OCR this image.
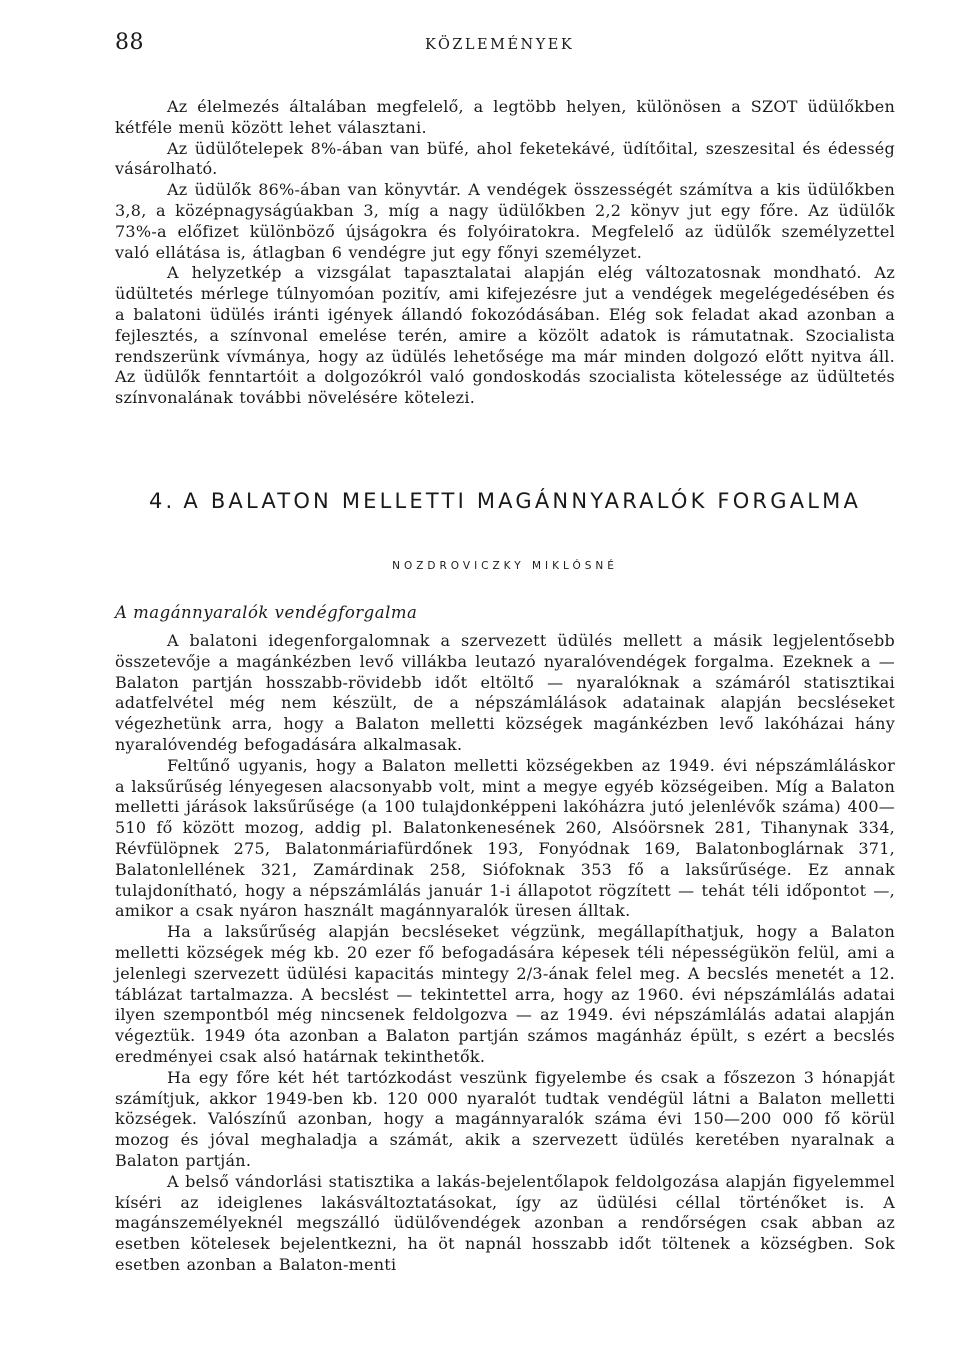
88	KÖZLEMÉNYEK

Az élelmezés általában megfelelő, a legtöbb helyen, különösen a SZOT üdülőkben kétféle menü között lehet választani.

Az üdülőtelepek 8%-ában van büfé, ahol feketekávé, üdítőital, szeszesital és édesség vásárolható.

Az üdülők 86%-ában van könyvtár. A vendégek összességét számítva a kis üdülőkben 3,8, a középnagyságúakban 3, míg a nagy üdülőkben 2,2 könyv jut egy főre. Az üdülők 73%-a előfizet különböző újságokra és folyóiratokra. Megfelelő az üdülők személyzettel való ellátása is, átlagban 6 vendégre jut egy főnyi személyzet.

A helyzetkép a vizsgálat tapasztalatai alapján elég változatosnak mondható. Az üdültetés mérlege túlnyomóan pozitív, ami kifejezésre jut a vendégek megelégedésében és a balatoni üdülés iránti igények állandó fokozódásában. Elég sok feladat akad azonban a fejlesztés, a színvonal emelése terén, amire a közölt adatok is rámutatnak. Szocialista rendszerünk vívmánya, hogy az üdülés lehetősége ma már minden dolgozó előtt nyitva áll. Az üdülők fenntartóit a dolgozókról való gondoskodás szocialista kötelessége az üdültetés színvonalának további növelésére kötelezi.

4. A BALATON MELLETTI MAGÁNNYARALÓK FORGALMA
NOZDROVICZKY MIKLÓSNÉ
A magánnyaralók vendégforgalma

A balatoni idegenforgalomnak a szervezett üdülés mellett a másik legjelentősebb összetevője a magánkézben levő villákba leutazó nyaralóvendégek forgalma. Ezeknek a — Balaton partján hosszabb-rövidebb időt eltöltő — nyaralóknak a számáról statisztikai adatfelvétel még nem készült, de a népszámlálások adatainak alapján becsléseket végezhetünk arra, hogy a Balaton melletti községek magánkézben levő lakóházai hány nyaralóvendég befogadására alkalmasak.

Feltűnő ugyanis, hogy a Balaton melletti községekben az 1949. évi népszámláláskor a laksűrűség lényegesen alacsonyabb volt, mint a megye egyéb községeiben. Míg a Balaton melletti járások laksűrűsége (a 100 tulajdonképpeni lakóházra jutó jelenlévők száma) 400—510 fő között mozog, addig pl. Balatonkenesének 260, Alsóörsnek 281, Tihanynak 334, Révfülöpnek 275, Balatonmáriafürdőnek 193, Fonyódnak 169, Balatonboglárnak 371, Balatonlellének 321, Zamárdinak 258, Siófoknak 353 fő a laksűrűsége. Ez annak tulajdonítható, hogy a népszámlálás január 1-i állapotot rögzített — tehát téli időpontot —, amikor a csak nyáron használt magánnyaralók üresen álltak.

Ha a laksűrűség alapján becsléseket végzünk, megállapíthatjuk, hogy a Balaton melletti községek még kb. 20 ezer fő befogadására képesek téli népességükön felül, ami a jelenlegi szervezett üdülési kapacitás mintegy 2/3-ának felel meg. A becslés menetét a 12. táblázat tartalmazza. A becslést — tekintettel arra, hogy az 1960. évi népszámlálás adatai ilyen szempontból még nincsenek feldolgozva — az 1949. évi népszámlálás adatai alapján végeztük. 1949 óta azonban a Balaton partján számos magánház épült, s ezért a becslés eredményei csak alsó határnak tekinthetők.

Ha egy főre két hét tartózkodást veszünk figyelembe és csak a főszezon 3 hónapját számítjuk, akkor 1949-ben kb. 120 000 nyaralót tudtak vendégül látni a Balaton melletti községek. Valószínű azonban, hogy a magánnyaralók száma évi 150—200 000 fő körül mozog és jóval meghaladja a számát, akik a szervezett üdülés keretében nyaralnak a Balaton partján.

A belső vándorlási statisztika a lakás-bejelentőlapok feldolgozása alapján figyelemmel kíséri az ideiglenes lakásváltoztatásokat, így az üdülési céllal történőket is. A magánszemélyeknél megszálló üdülővendégek azonban a rendőrségen csak abban az esetben kötelesek bejelentkezni, ha öt napnál hosszabb időt töltenek a községben. Sok esetben azonban a Balaton-menti
